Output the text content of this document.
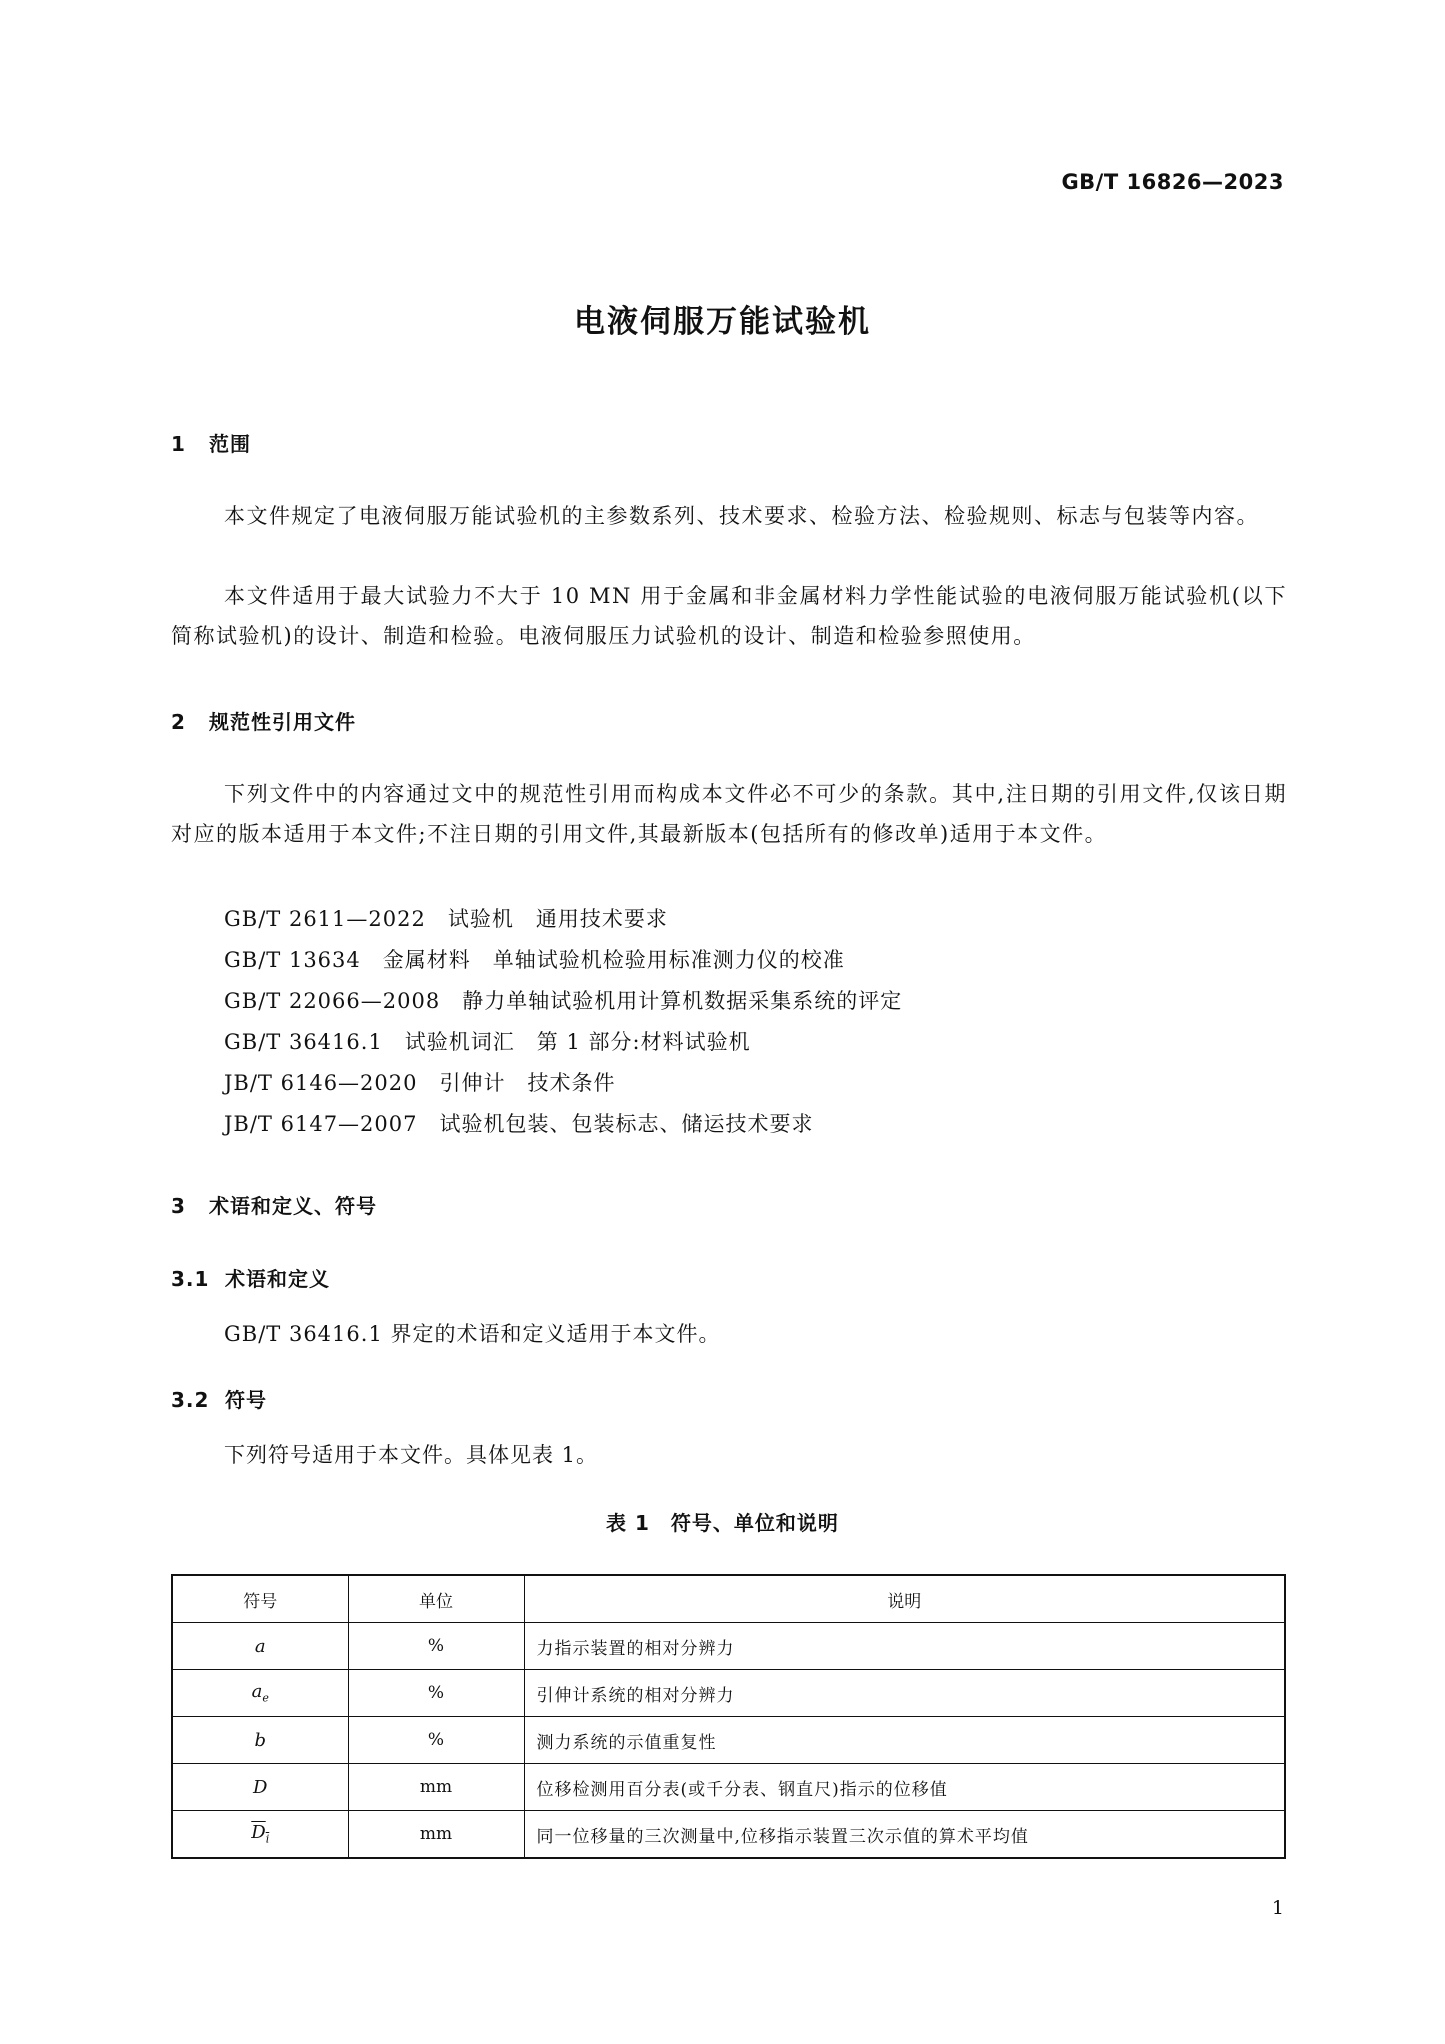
GB/T 16826—2023
电液伺服万能试验机
1 范围

本文件规定了电液伺服万能试验机的主参数系列、技术要求、检验方法、检验规则、标志与包装等内容。

本文件适用于最大试验力不大于 10 MN 用于金属和非金属材料力学性能试验的电液伺服万能试验机(以下简称试验机)的设计、制造和检验。电液伺服压力试验机的设计、制造和检验参照使用。

2 规范性引用文件

下列文件中的内容通过文中的规范性引用而构成本文件必不可少的条款。其中,注日期的引用文件,仅该日期对应的版本适用于本文件;不注日期的引用文件,其最新版本(包括所有的修改单)适用于本文件。

GB/T 2611—2022　试验机　通用技术要求
GB/T 13634　金属材料　单轴试验机检验用标准测力仪的校准
GB/T 22066—2008　静力单轴试验机用计算机数据采集系统的评定
GB/T 36416.1　试验机词汇　第 1 部分:材料试验机
JB/T 6146—2020　引伸计　技术条件
JB/T 6147—2007　试验机包装、包装标志、储运技术要求
3 术语和定义、符号
3.1 术语和定义
GB/T 36416.1 界定的术语和定义适用于本文件。
3.2 符号
下列符号适用于本文件。具体见表 1。
表 1　符号、单位和说明
符号	单位	说明
a	%	力指示装置的相对分辨力
$a_e$	%	引伸计系统的相对分辨力
b	%	测力系统的示值重复性
D	mm	位移检测用百分表(或千分表、钢直尺)指示的位移值
$D_i$	mm	同一位移量的三次测量中,位移指示装置三次示值的算术平均值
1
